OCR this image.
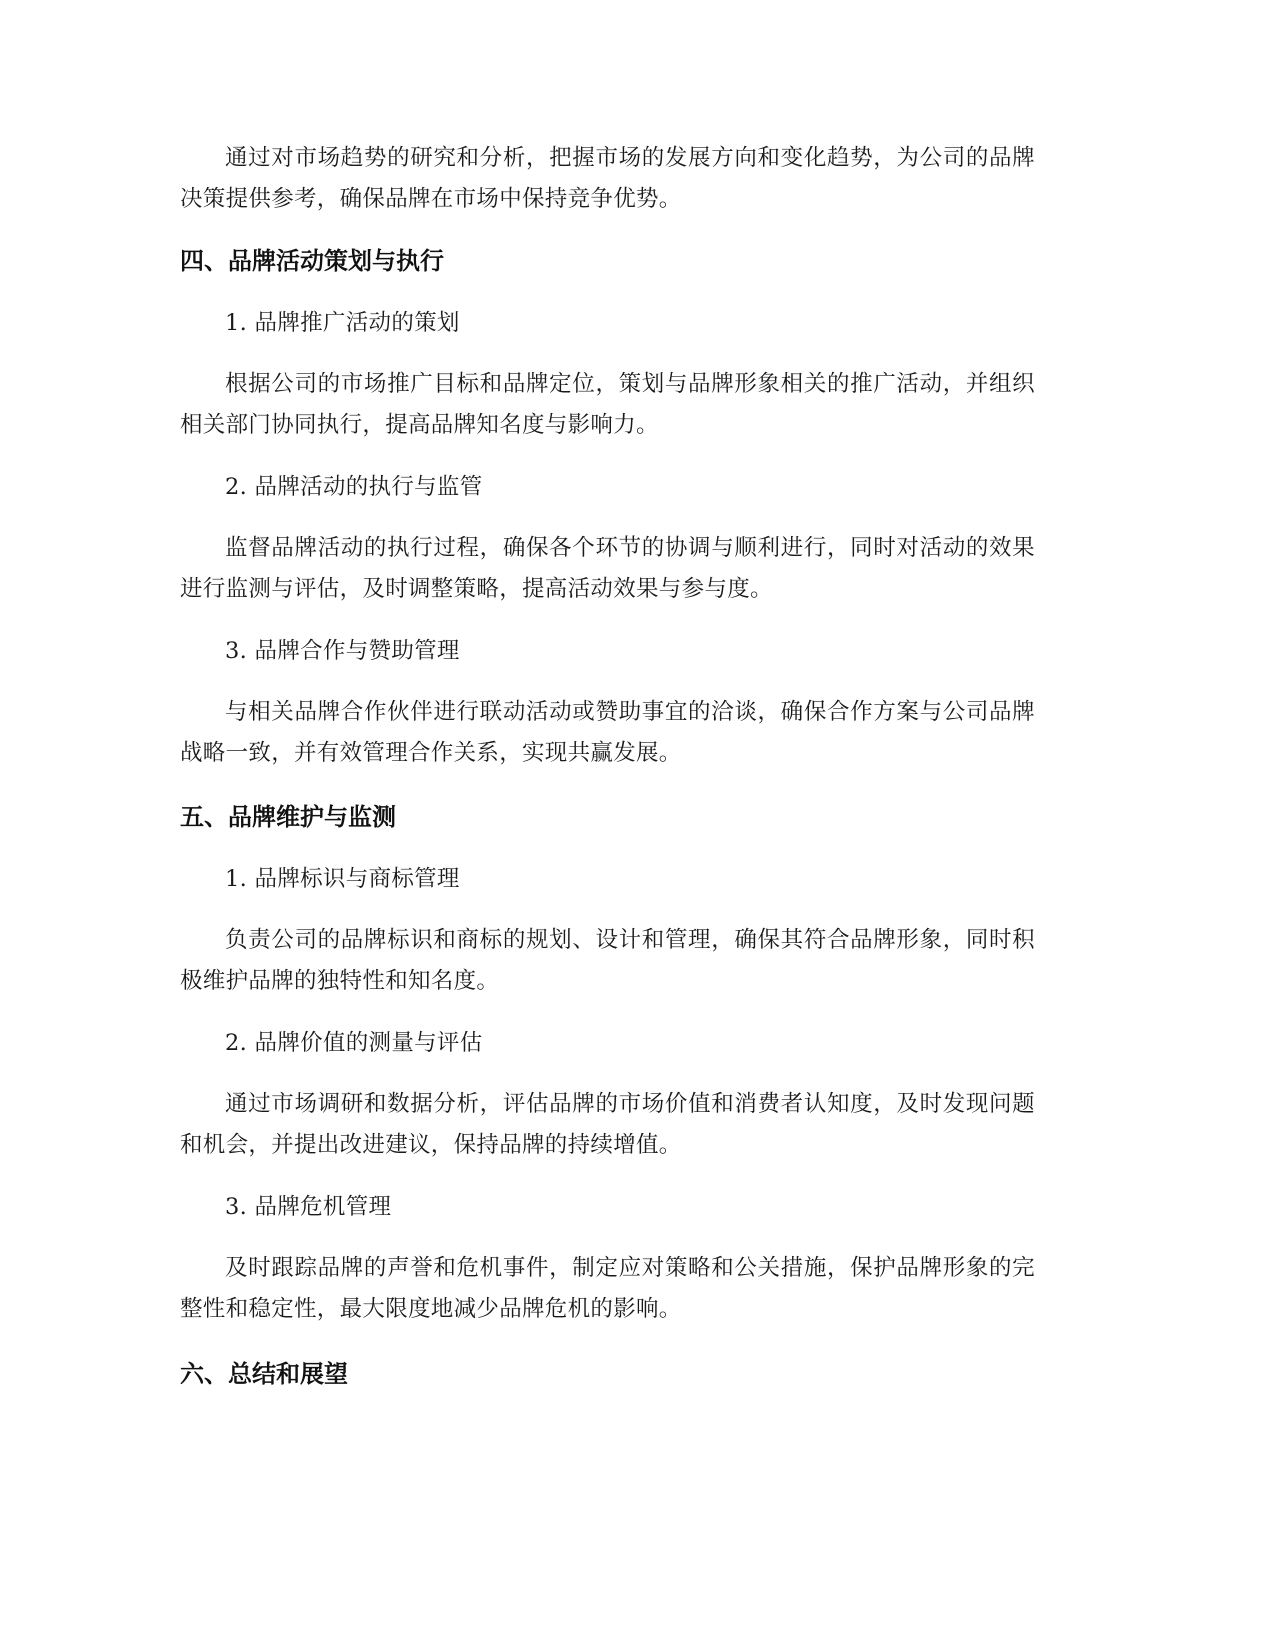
通过对市场趋势的研究和分析，把握市场的发展方向和变化趋势，为公司的品牌决策提供参考，确保品牌在市场中保持竞争优势。

四、品牌活动策划与执行

1. 品牌推广活动的策划

根据公司的市场推广目标和品牌定位，策划与品牌形象相关的推广活动，并组织相关部门协同执行，提高品牌知名度与影响力。

2. 品牌活动的执行与监管

监督品牌活动的执行过程，确保各个环节的协调与顺利进行，同时对活动的效果进行监测与评估，及时调整策略，提高活动效果与参与度。

3. 品牌合作与赞助管理

与相关品牌合作伙伴进行联动活动或赞助事宜的洽谈，确保合作方案与公司品牌战略一致，并有效管理合作关系，实现共赢发展。

五、品牌维护与监测

1. 品牌标识与商标管理

负责公司的品牌标识和商标的规划、设计和管理，确保其符合品牌形象，同时积极维护品牌的独特性和知名度。

2. 品牌价值的测量与评估

通过市场调研和数据分析，评估品牌的市场价值和消费者认知度，及时发现问题和机会，并提出改进建议，保持品牌的持续增值。

3. 品牌危机管理

及时跟踪品牌的声誉和危机事件，制定应对策略和公关措施，保护品牌形象的完整性和稳定性，最大限度地减少品牌危机的影响。

六、总结和展望
